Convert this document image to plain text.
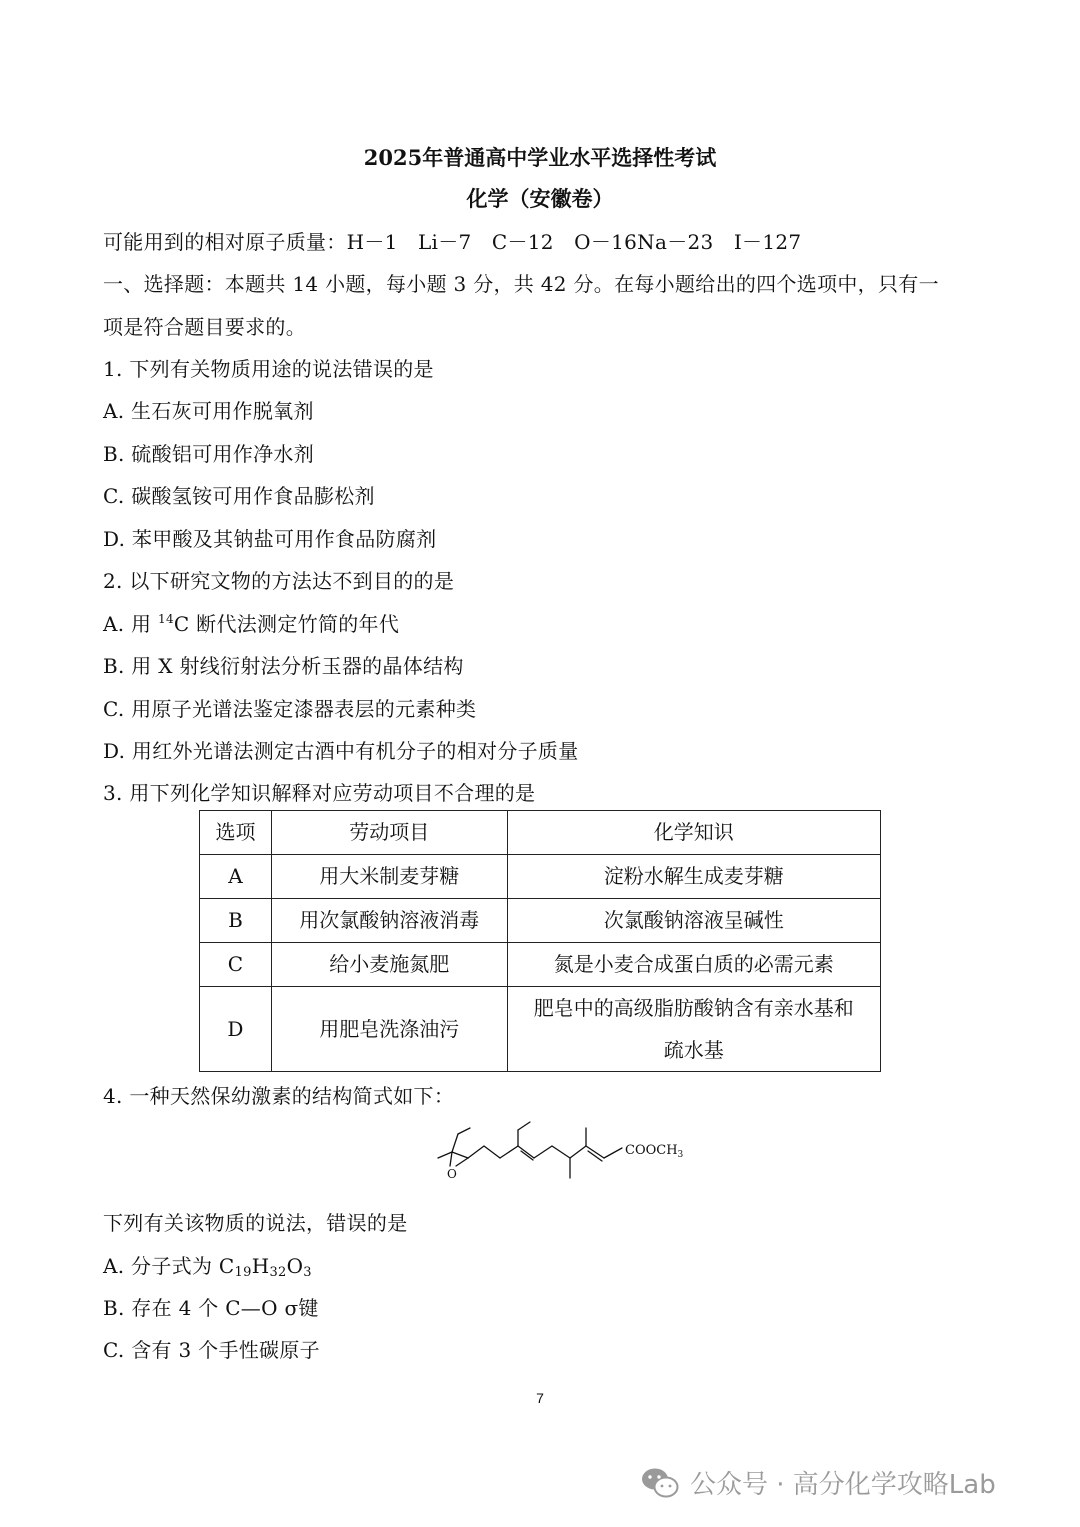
2025年普通高中学业水平选择性考试
化学（安徽卷）
可能用到的相对原子质量：H－1　Li－7　C－12　O－16Na－23　I－127
一、选择题：本题共 14 小题，每小题 3 分，共 42 分。在每小题给出的四个选项中，只有一
项是符合题目要求的。
1. 下列有关物质用途的说法错误的是
A. 生石灰可用作脱氧剂
B. 硫酸铝可用作净水剂
C. 碳酸氢铵可用作食品膨松剂
D. 苯甲酸及其钠盐可用作食品防腐剂
2. 以下研究文物的方法达不到目的的是
A. 用 $^{14}$C 断代法测定竹简的年代
B. 用 X 射线衍射法分析玉器的晶体结构
C. 用原子光谱法鉴定漆器表层的元素种类
D. 用红外光谱法测定古酒中有机分子的相对分子质量
3. 用下列化学知识解释对应劳动项目不合理的是
选项	劳动项目	化学知识
A	用大米制麦芽糖	淀粉水解生成麦芽糖
B	用次氯酸钠溶液消毒	次氯酸钠溶液呈碱性
C	给小麦施氮肥	氮是小麦合成蛋白质的必需元素
D	用肥皂洗涤油污	肥皂中的高级脂肪酸钠含有亲水基和
疏水基
4. 一种天然保幼激素的结构简式如下：
O
$COOCH_3$
下列有关该物质的说法，错误的是
A. 分子式为 $C_{19}H_{32}O_3$
B. 存在 4 个 C—O σ键
C. 含有 3 个手性碳原子
7
公众号 · 高分化学攻略Lab
